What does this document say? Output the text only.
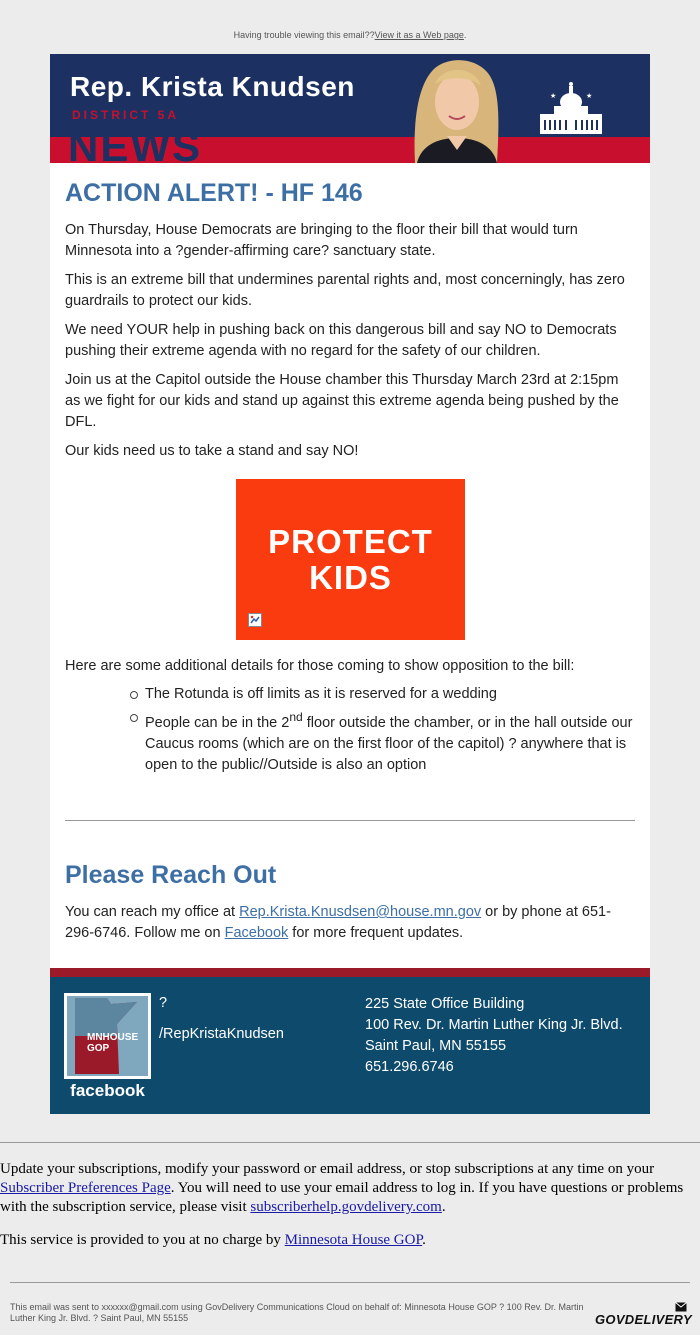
Having trouble viewing this email??View it as a Web page.
NEWS
Rep. Krista Knudsen
DISTRICT 5A
★	★
ACTION ALERT! - HF 146

On Thursday, House Democrats are bringing to the floor their bill that would turn Minnesota into a ?gender-affirming care? sanctuary state.

This is an extreme bill that undermines parental rights and, most concerningly, has zero guardrails to protect our kids.

We need YOUR help in pushing back on this dangerous bill and say NO to Democrats pushing their extreme agenda with no regard for the safety of our children.

Join us at the Capitol outside the House chamber this Thursday March 23rd at 2:15pm as we fight for our kids and stand up against this extreme agenda being pushed by the DFL.

Our kids need us to take a stand and say NO!

PROTECT
KIDS
Here are some additional details for those coming to show opposition to the bill:
The Rotunda is off limits as it is reserved for a wedding
People can be in the 2nd floor outside the chamber, or in the hall outside our Caucus rooms (which are on the first floor of the capitol) ? anywhere that is open to the public//Outside is also an option
Please Reach Out
You can reach my office at Rep.Krista.Knusdsen@house.mn.gov or by phone at 651-296-6746. Follow me on Facebook for more frequent updates.
MNHOUSE GOP
facebook
?
/RepKristaKnudsen
225 State Office Building
100 Rev. Dr. Martin Luther King Jr. Blvd.
Saint Paul, MN 55155
651.296.6746

Update your subscriptions, modify your password or email address, or stop subscriptions at any time on your Subscriber Preferences Page. You will need to use your email address to log in. If you have questions or problems with the subscription service, please visit subscriberhelp.govdelivery.com.

This service is provided to you at no charge by Minnesota House GOP.

This email was sent to xxxxxx@gmail.com using GovDelivery Communications Cloud on behalf of: Minnesota House GOP ? 100 Rev. Dr. Martin Luther King Jr. Blvd. ? Saint Paul, MN 55155	GOVDELIVERY
